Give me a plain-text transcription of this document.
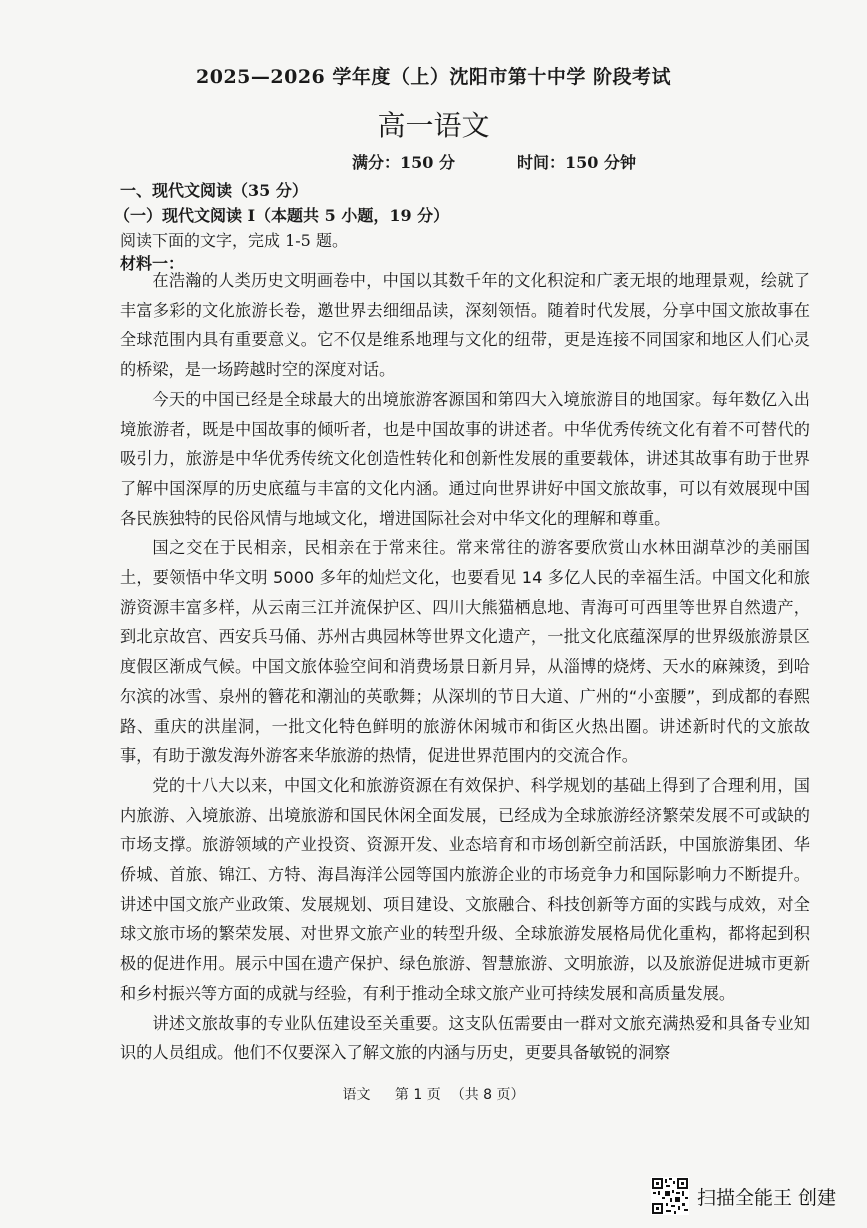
2025—2026 学年度（上）沈阳市第十中学 阶段考试
高一语文
满分：150 分	时间：150 分钟
一、现代文阅读（35 分）
（一）现代文阅读 I（本题共 5 小题，19 分）
阅读下面的文字，完成 1-5 题。
材料一：

在浩瀚的人类历史文明画卷中，中国以其数千年的文化积淀和广袤无垠的地理景观，绘就了丰富多彩的文化旅游长卷，邀世界去细细品读，深刻领悟。随着时代发展，分享中国文旅故事在全球范围内具有重要意义。它不仅是维系地理与文化的纽带，更是连接不同国家和地区人们心灵的桥梁，是一场跨越时空的深度对话。

今天的中国已经是全球最大的出境旅游客源国和第四大入境旅游目的地国家。每年数亿入出境旅游者，既是中国故事的倾听者，也是中国故事的讲述者。中华优秀传统文化有着不可替代的吸引力，旅游是中华优秀传统文化创造性转化和创新性发展的重要载体，讲述其故事有助于世界了解中国深厚的历史底蕴与丰富的文化内涵。通过向世界讲好中国文旅故事，可以有效展现中国各民族独特的民俗风情与地域文化，增进国际社会对中华文化的理解和尊重。

国之交在于民相亲，民相亲在于常来往。常来常往的游客要欣赏山水林田湖草沙的美丽国土，要领悟中华文明 5000 多年的灿烂文化，也要看见 14 多亿人民的幸福生活。中国文化和旅游资源丰富多样，从云南三江并流保护区、四川大熊猫栖息地、青海可可西里等世界自然遗产，到北京故宫、西安兵马俑、苏州古典园林等世界文化遗产，一批文化底蕴深厚的世界级旅游景区度假区渐成气候。中国文旅体验空间和消费场景日新月异，从淄博的烧烤、天水的麻辣烫，到哈尔滨的冰雪、泉州的簪花和潮汕的英歌舞；从深圳的节日大道、广州的“小蛮腰”，到成都的春熙路、重庆的洪崖洞，一批文化特色鲜明的旅游休闲城市和街区火热出圈。讲述新时代的文旅故事，有助于激发海外游客来华旅游的热情，促进世界范围内的交流合作。

党的十八大以来，中国文化和旅游资源在有效保护、科学规划的基础上得到了合理利用，国内旅游、入境旅游、出境旅游和国民休闲全面发展，已经成为全球旅游经济繁荣发展不可或缺的市场支撑。旅游领域的产业投资、资源开发、业态培育和市场创新空前活跃，中国旅游集团、华侨城、首旅、锦江、方特、海昌海洋公园等国内旅游企业的市场竞争力和国际影响力不断提升。讲述中国文旅产业政策、发展规划、项目建设、文旅融合、科技创新等方面的实践与成效，对全球文旅市场的繁荣发展、对世界文旅产业的转型升级、全球旅游发展格局优化重构，都将起到积极的促进作用。展示中国在遗产保护、绿色旅游、智慧旅游、文明旅游，以及旅游促进城市更新和乡村振兴等方面的成就与经验，有利于推动全球文旅产业可持续发展和高质量发展。

讲述文旅故事的专业队伍建设至关重要。这支队伍需要由一群对文旅充满热爱和具备专业知识的人员组成。他们不仅要深入了解文旅的内涵与历史，更要具备敏锐的洞察

语文 第 1 页 （共 8 页）
扫描全能王 创建
